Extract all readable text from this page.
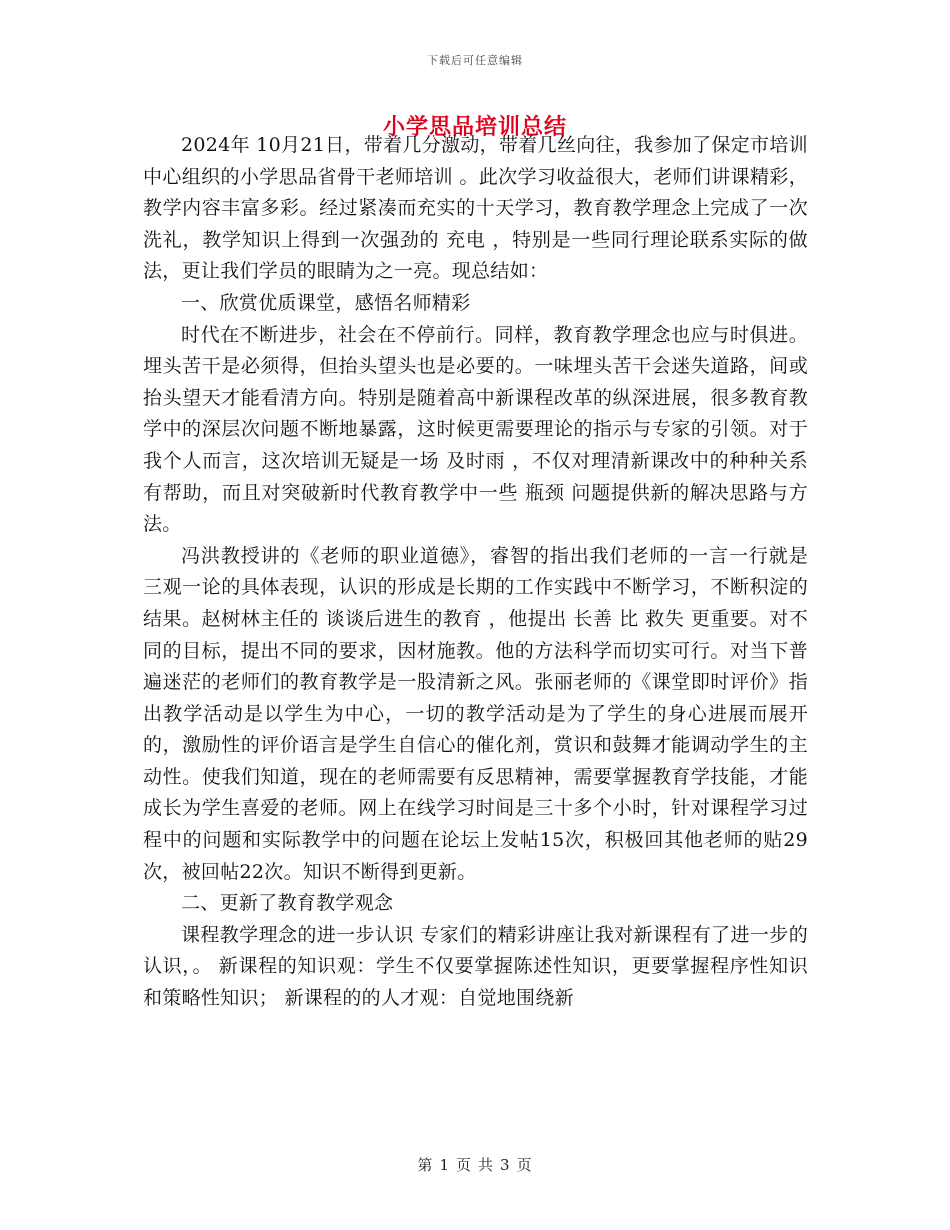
下载后可任意编辑
小学思品培训总结

2024年 10月21日，带着几分激动，带着几丝向往，我参加了保定市培训中心组织的小学思品省骨干老师培训 。此次学习收益很大，老师们讲课精彩，教学内容丰富多彩。经过紧凑而充实的十天学习，教育教学理念上完成了一次洗礼，教学知识上得到一次强劲的 充电 ，特别是一些同行理论联系实际的做法，更让我们学员的眼睛为之一亮。现总结如：

一、欣赏优质课堂，感悟名师精彩

时代在不断进步，社会在不停前行。同样，教育教学理念也应与时俱进。埋头苦干是必须得，但抬头望头也是必要的。一味埋头苦干会迷失道路，间或抬头望天才能看清方向。特别是随着高中新课程改革的纵深进展，很多教育教学中的深层次问题不断地暴露，这时候更需要理论的指示与专家的引领。对于我个人而言，这次培训无疑是一场 及时雨 ，不仅对理清新课改中的种种关系有帮助，而且对突破新时代教育教学中一些 瓶颈 问题提供新的解决思路与方法。

冯洪教授讲的《老师的职业道德》，睿智的指出我们老师的一言一行就是三观一论的具体表现，认识的形成是长期的工作实践中不断学习，不断积淀的结果。赵树林主任的 谈谈后进生的教育 ，他提出 长善 比 救失 更重要。对不同的目标，提出不同的要求，因材施教。他的方法科学而切实可行。对当下普遍迷茫的老师们的教育教学是一股清新之风。张丽老师的《课堂即时评价》指出教学活动是以学生为中心，一切的教学活动是为了学生的身心进展而展开的，激励性的评价语言是学生自信心的催化剂，赏识和鼓舞才能调动学生的主动性。使我们知道，现在的老师需要有反思精神，需要掌握教育学技能，才能成长为学生喜爱的老师。网上在线学习时间是三十多个小时，针对课程学习过程中的问题和实际教学中的问题在论坛上发帖15次，积极回其他老师的贴29次，被回帖22次。知识不断得到更新。

二、更新了教育教学观念

课程教学理念的进一步认识 专家们的精彩讲座让我对新课程有了进一步的认识，。 新课程的知识观：学生不仅要掌握陈述性知识，更要掌握程序性知识和策略性知识； 新课程的的人才观：自觉地围绕新

第 1 页 共 3 页
